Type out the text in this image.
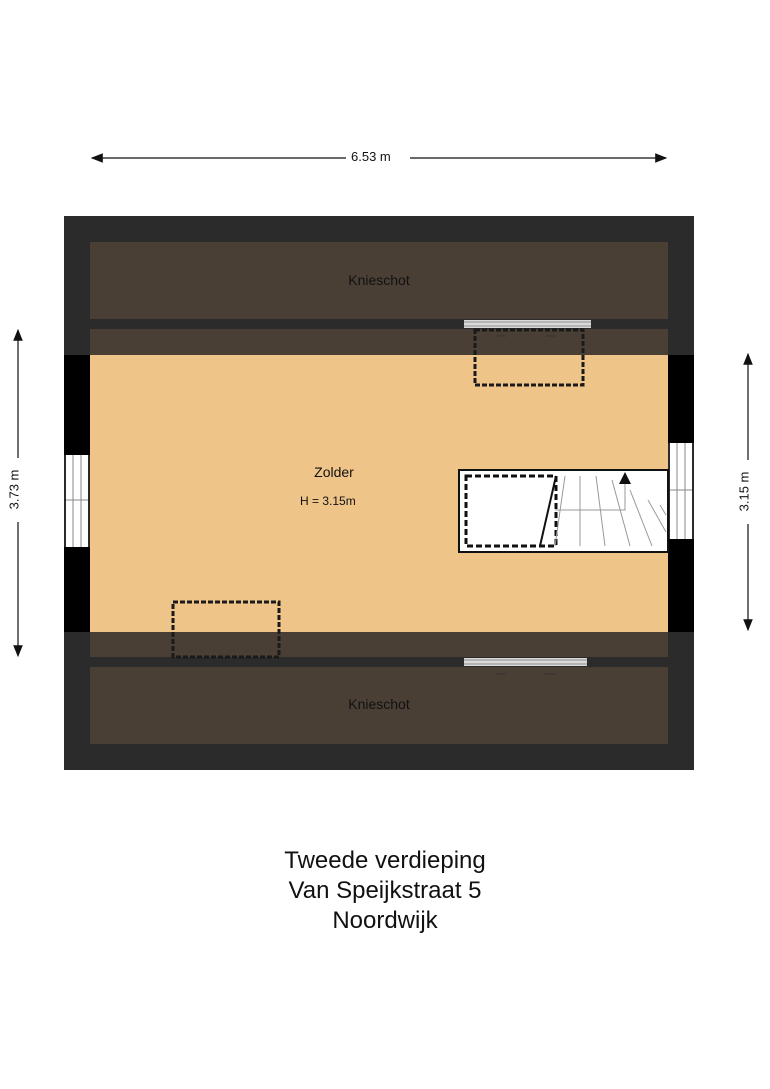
6.53 m
3.73 m	3.15 m
Knieschot
Zolder
H = 3.15m
Knieschot
Tweede verdieping
Van Speijkstraat 5
Noordwijk
